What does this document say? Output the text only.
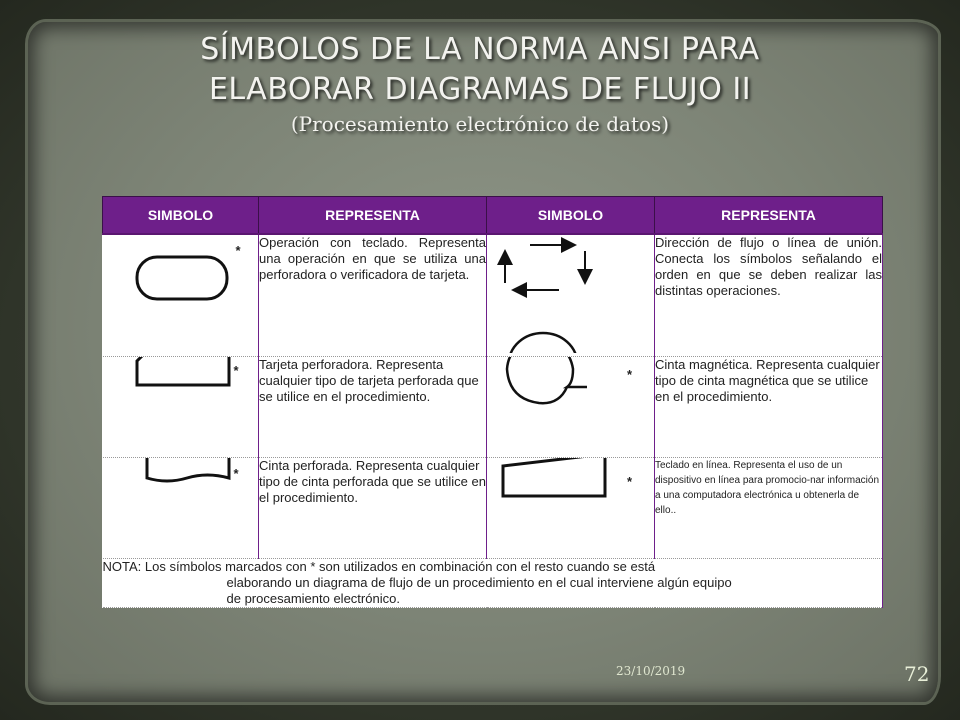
SÍMBOLOS DE LA NORMA ANSI PARA
ELABORAR DIAGRAMAS DE FLUJO II
(Procesamiento electrónico de datos)
SIMBOLO	REPRESENTA	SIMBOLO	REPRESENTA

*	Operación con teclado. Representa una operación en que se utiliza una perforadora o verificadora de tarjeta.		Dirección de flujo o línea de unión. Conecta los símbolos señalando el orden en que se deben realizar las distintas operaciones.

*	Tarjeta perforadora. Representa cualquier tipo de tarjeta perforada que se utilice en el procedimiento.	*	Cinta magnética. Representa cualquier tipo de cinta magnética que se utilice en el procedimiento.

*	Cinta perforada. Representa cualquier tipo de cinta perforada que se utilice en el procedimiento.	*	Teclado en línea. Representa el uso de un dispositivo en línea para promocio-nar información a una computadora electrónica u obtenerla de ello..

NOTA: Los símbolos marcados con * son utilizados en combinación con el resto cuando se está
elaborando un diagrama de flujo de un procedimiento en el cual interviene algún equipo
de procesamiento electrónico.			
23/10/2019	72
